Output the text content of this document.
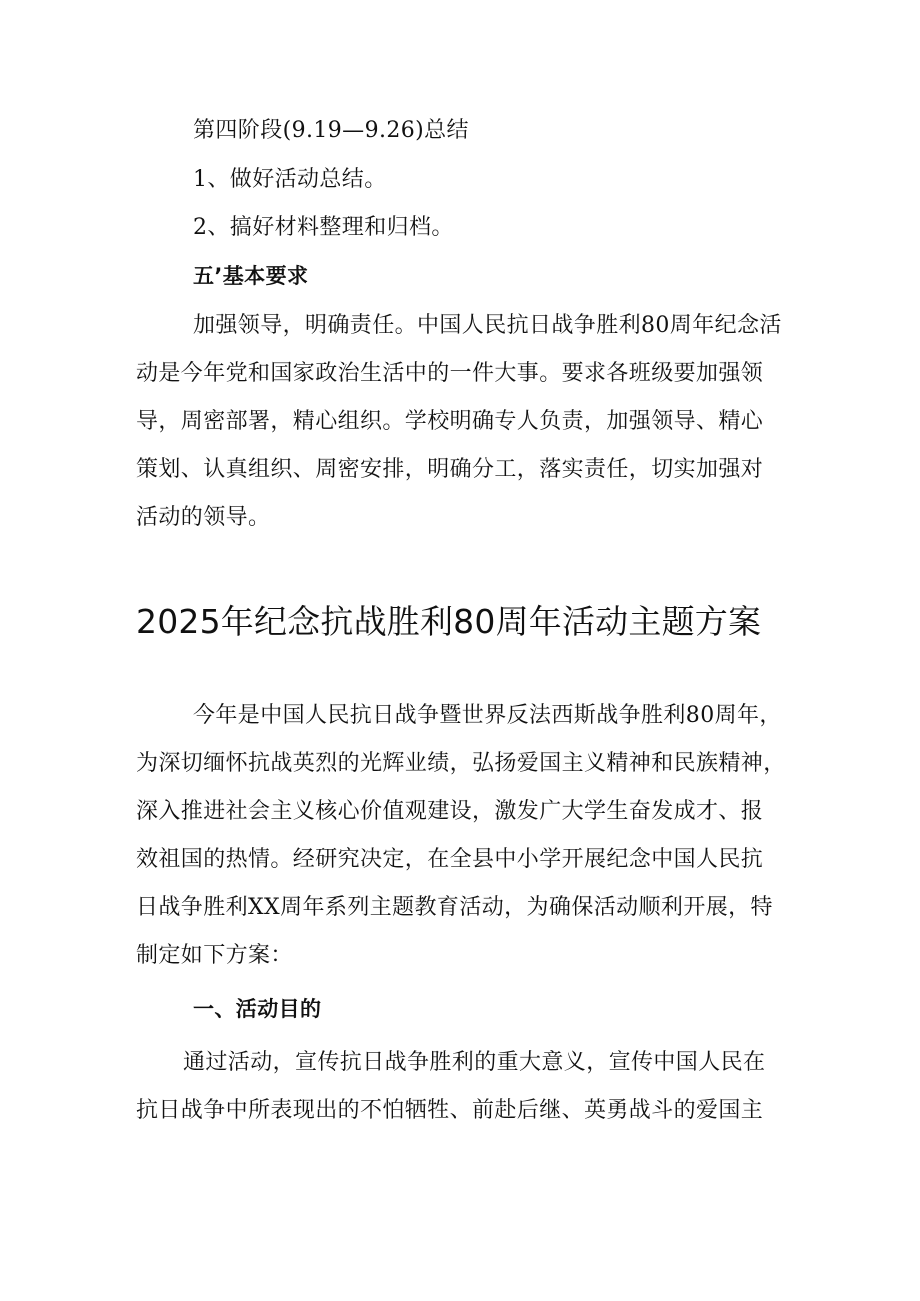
第四阶段(9.19—9.26)总结
1、做好活动总结。
2、搞好材料整理和归档。
五’基本要求
加强领导，明确责任。中国人民抗日战争胜利80周年纪念活
动是今年党和国家政治生活中的一件大事。要求各班级要加强领
导，周密部署，精心组织。学校明确专人负责，加强领导、精心
策划、认真组织、周密安排，明确分工，落实责任，切实加强对
活动的领导。
2025年纪念抗战胜利80周年活动主题方案
今年是中国人民抗日战争暨世界反法西斯战争胜利80周年，
为深切缅怀抗战英烈的光辉业绩，弘扬爱国主义精神和民族精神，
深入推进社会主义核心价值观建设，激发广大学生奋发成才、报
效祖国的热情。经研究决定，在全县中小学开展纪念中国人民抗
日战争胜利XX周年系列主题教育活动，为确保活动顺利开展，特
制定如下方案：
一、活动目的
通过活动，宣传抗日战争胜利的重大意义，宣传中国人民在
抗日战争中所表现出的不怕牺牲、前赴后继、英勇战斗的爱国主
